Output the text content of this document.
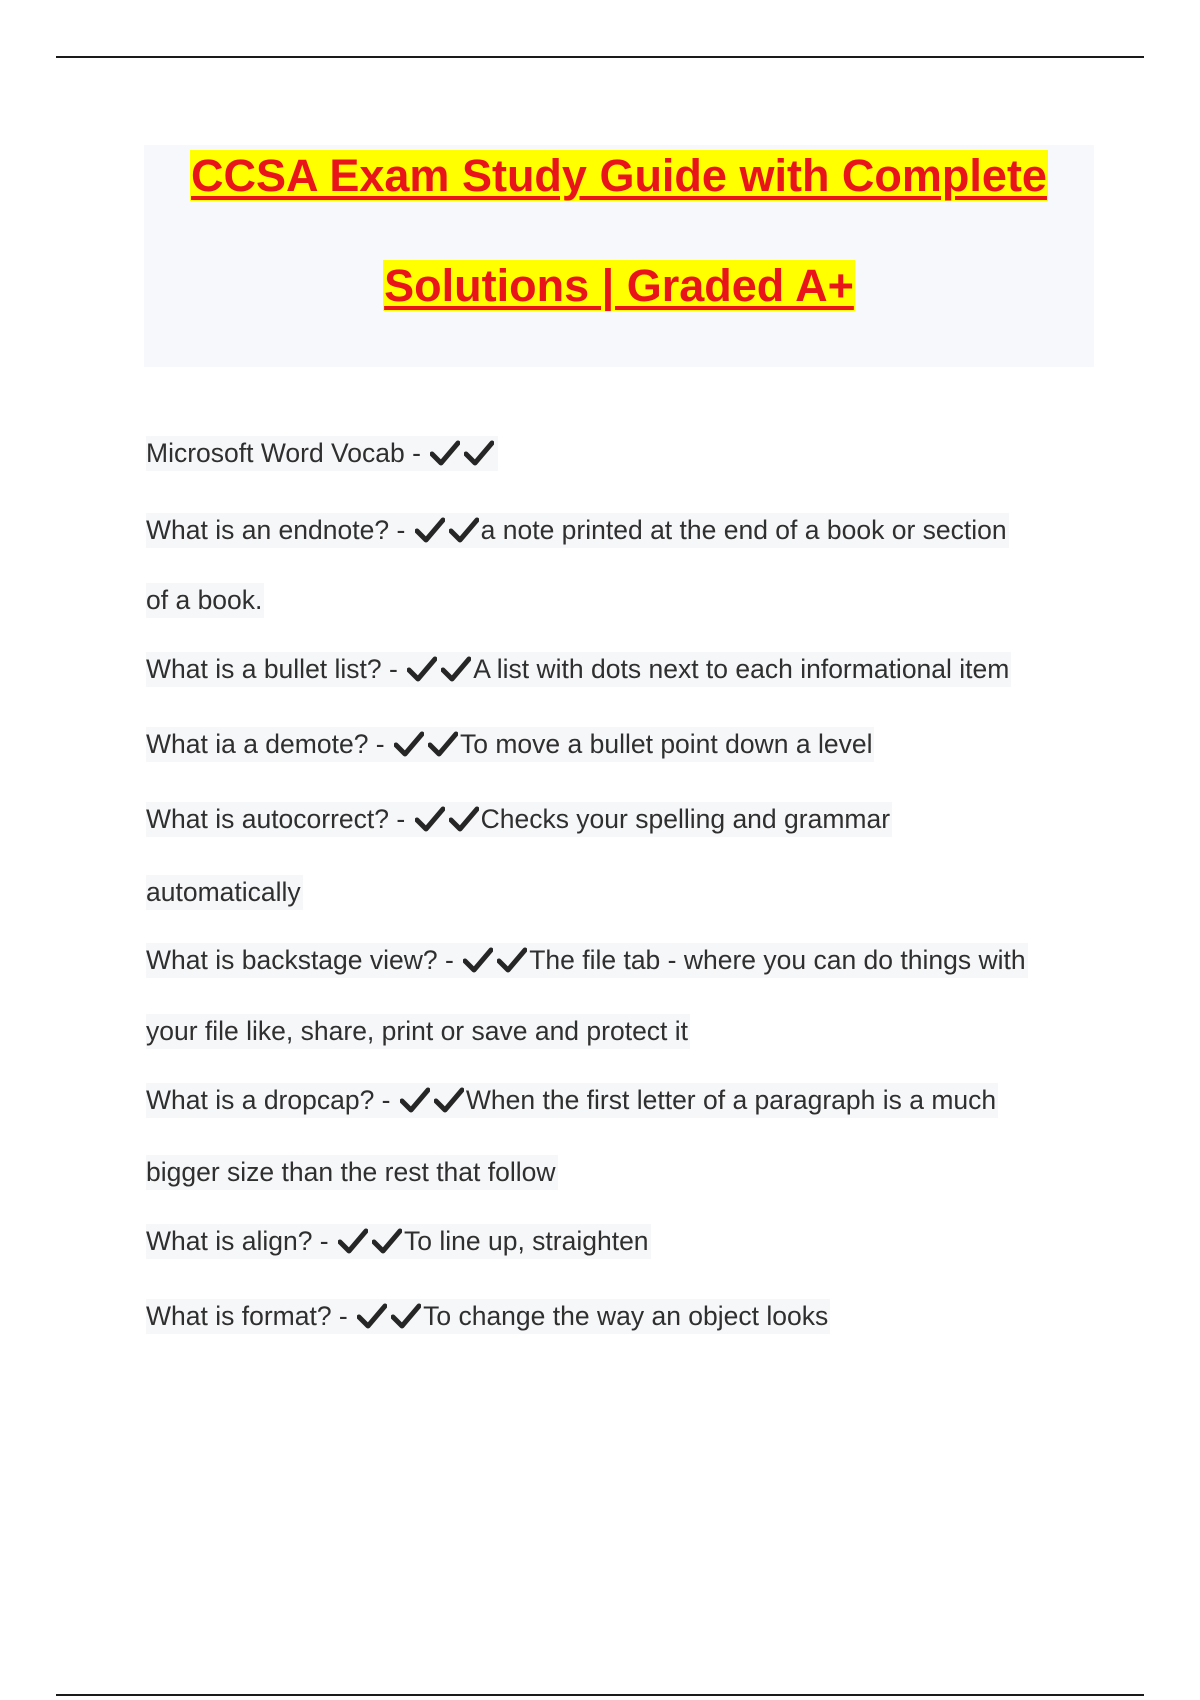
CCSA Exam Study Guide with Complete
Solutions | Graded A+

Microsoft Word Vocab -

What is an endnote? -	a note printed at the end of a book or section

of a book.

What is a bullet list? -	A list with dots next to each informational item

What ia a demote? -	To move a bullet point down a level

What is autocorrect? -	Checks your spelling and grammar

automatically

What is backstage view? -	The file tab - where you can do things with

your file like, share, print or save and protect it

What is a dropcap? -	When the first letter of a paragraph is a much

bigger size than the rest that follow

What is align? -	To line up, straighten

What is format? -	To change the way an object looks
